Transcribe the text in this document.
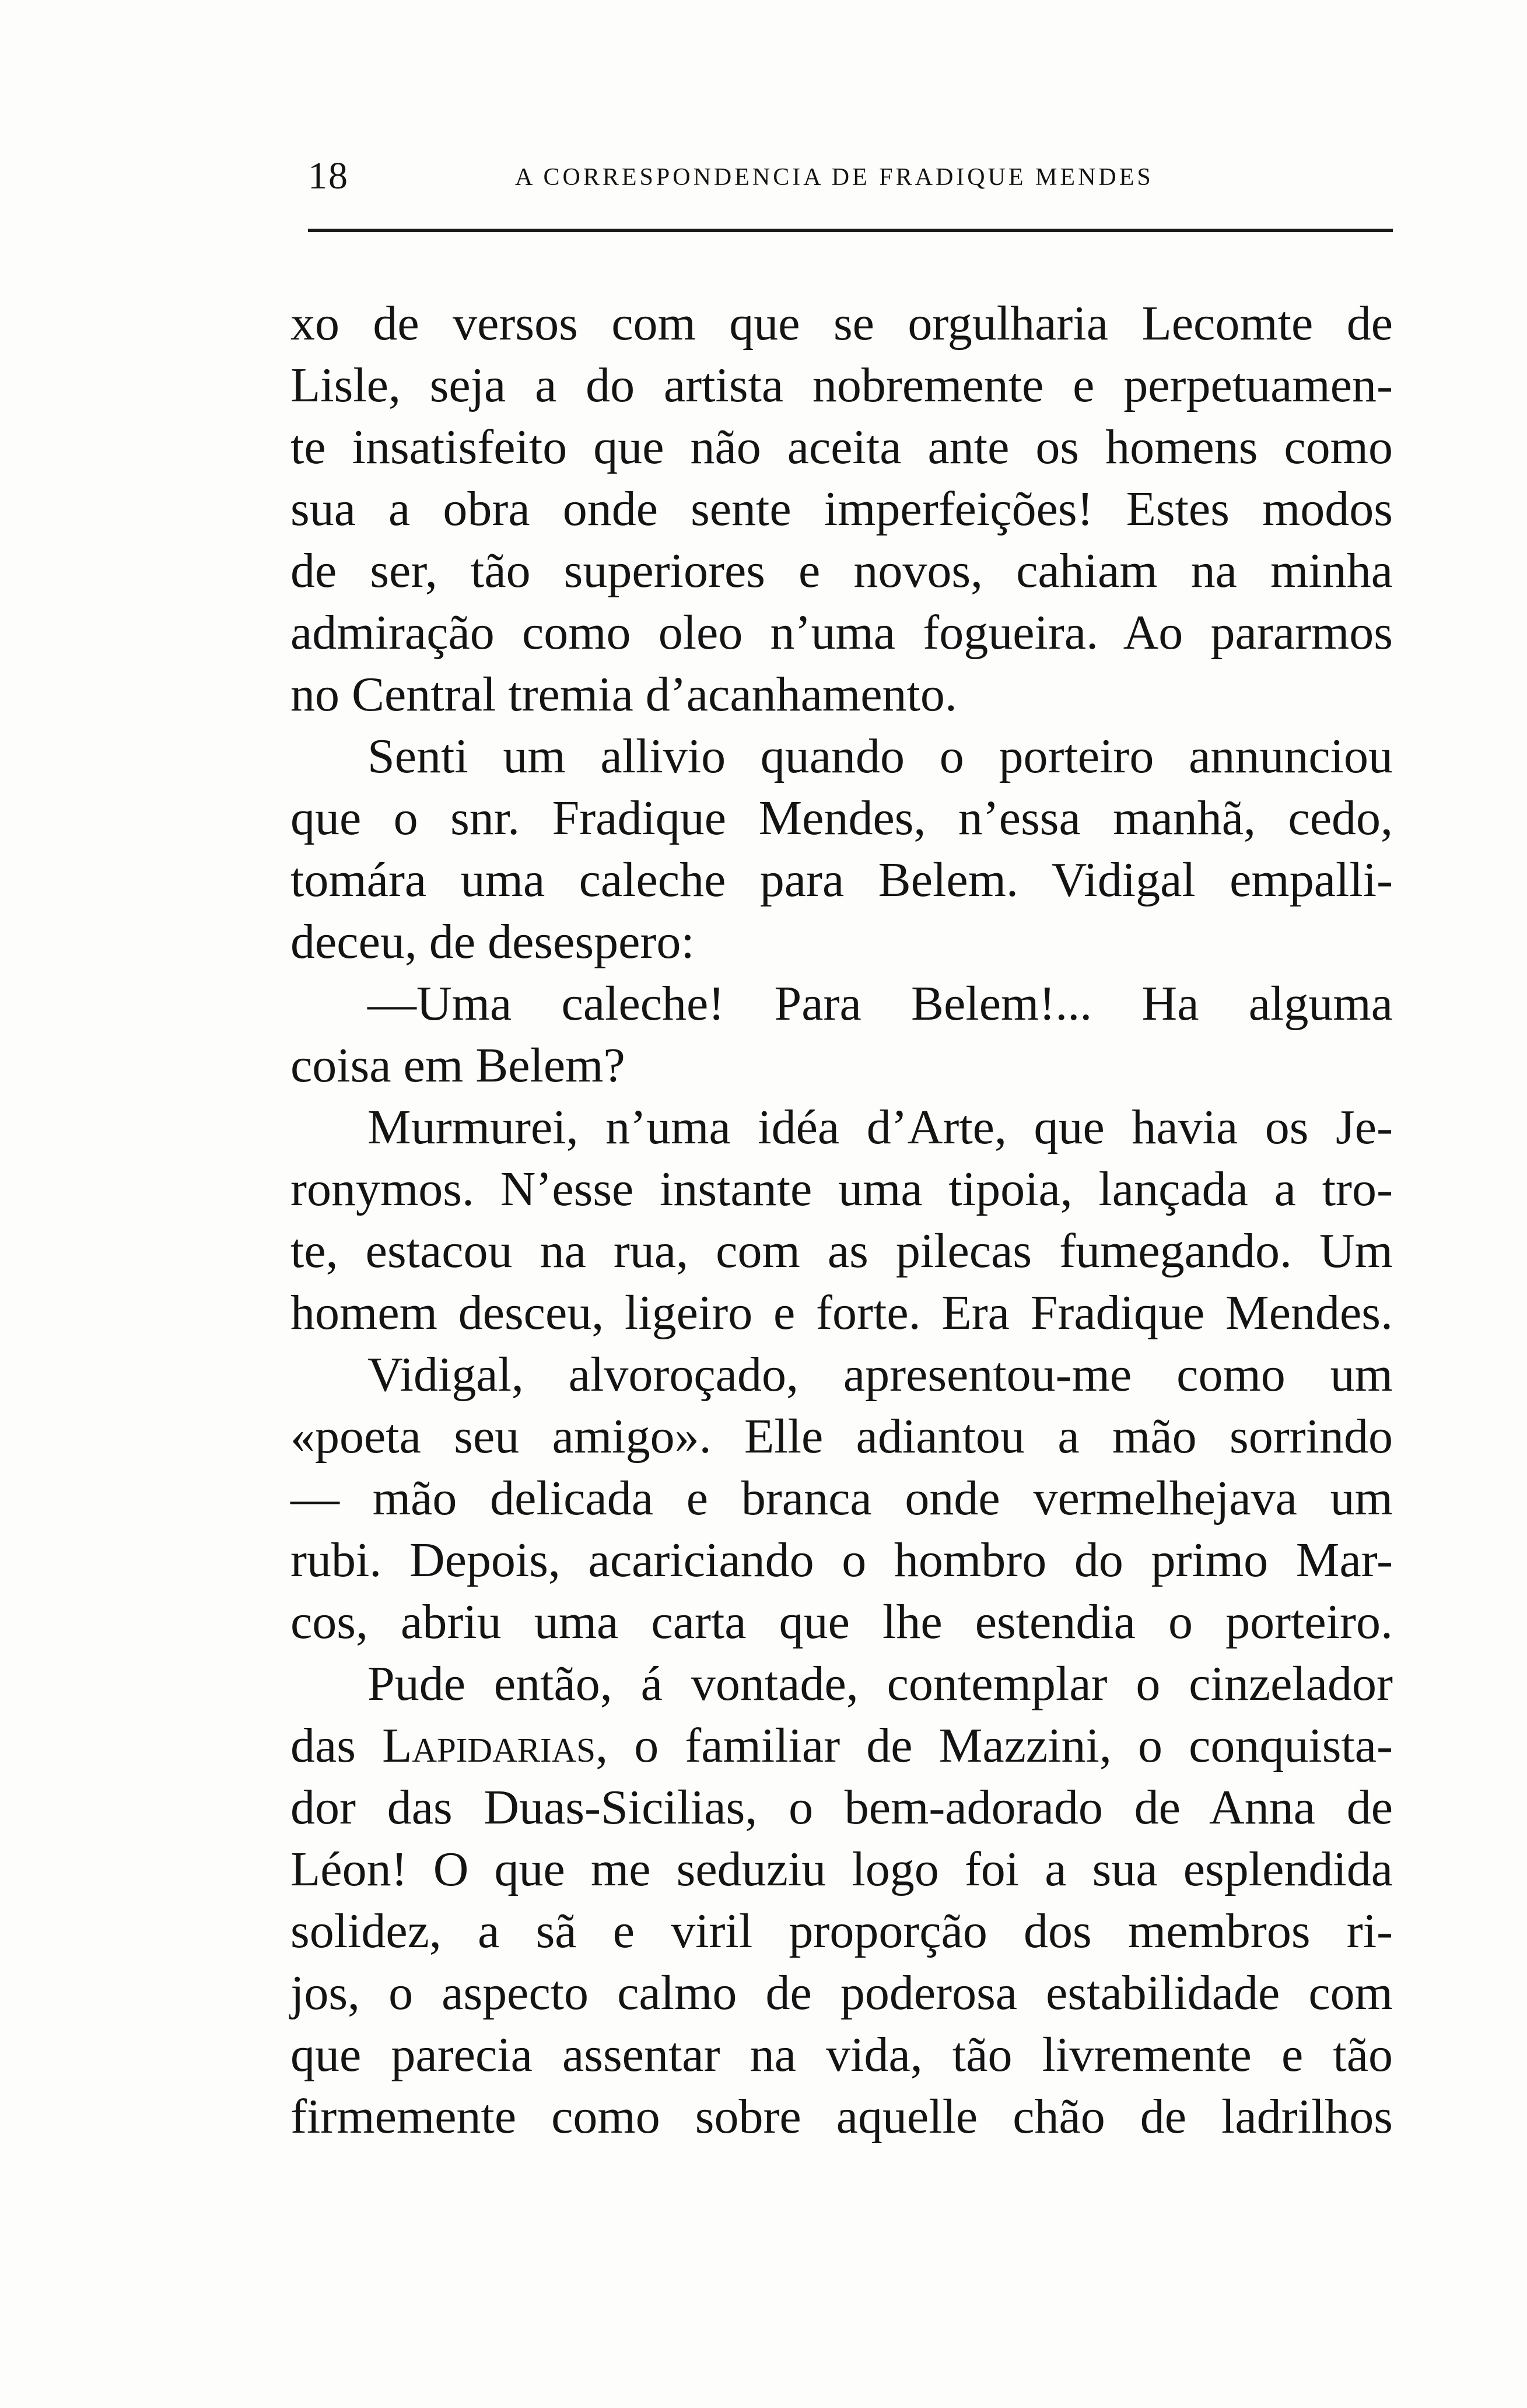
18	A CORRESPONDENCIA DE FRADIQUE MENDES
xo de versos com que se orgulharia Lecomte de
Lisle, seja a do artista nobremente e perpetuamen-
te insatisfeito que não aceita ante os homens como
sua a obra onde sente imperfeições! Estes modos
de ser, tão superiores e novos, cahiam na minha
admiração como oleo n’uma fogueira. Ao pararmos
no Central tremia d’acanhamento.
Senti um allivio quando o porteiro annunciou
que o snr. Fradique Mendes, n’essa manhã, cedo,
tomára uma caleche para Belem. Vidigal empalli-
deceu, de desespero:
—Uma caleche! Para Belem!... Ha alguma
coisa em Belem?
Murmurei, n’uma idéa d’Arte, que havia os Je-
ronymos. N’esse instante uma tipoia, lançada a tro-
te, estacou na rua, com as pilecas fumegando. Um
homem desceu, ligeiro e forte. Era Fradique Mendes.
Vidigal, alvoroçado, apresentou-me como um
«poeta seu amigo». Elle adiantou a mão sorrindo
— mão delicada e branca onde vermelhejava um
rubi. Depois, acariciando o hombro do primo Mar-
cos, abriu uma carta que lhe estendia o porteiro.
Pude então, á vontade, contemplar o cinzelador
das Lapidarias, o familiar de Mazzini, o conquista-
dor das Duas-Sicilias, o bem-adorado de Anna de
Léon! O que me seduziu logo foi a sua esplendida
solidez, a sã e viril proporção dos membros ri-
jos, o aspecto calmo de poderosa estabilidade com
que parecia assentar na vida, tão livremente e tão
firmemente como sobre aquelle chão de ladrilhos
